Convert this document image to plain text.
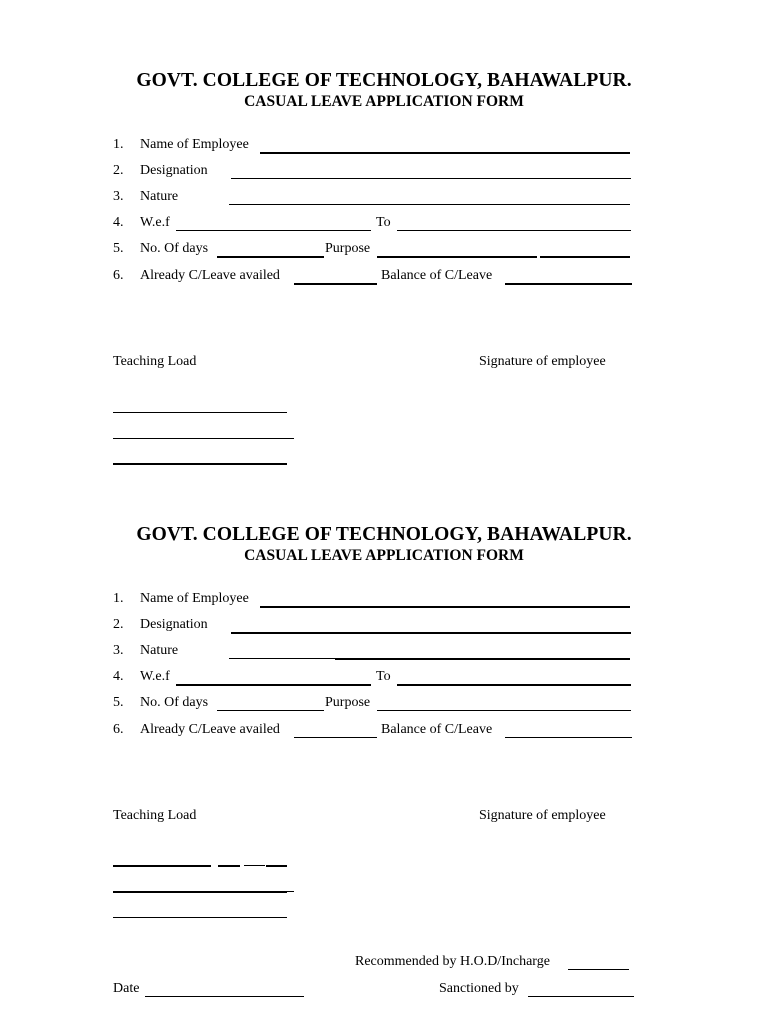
GOVT. COLLEGE OF TECHNOLOGY, BAHAWALPUR.
CASUAL LEAVE APPLICATION FORM
1. Name of Employee
2. Designation
3. Nature
4. W.e.f	To
5. No. Of days	Purpose
6. Already C/Leave availed	Balance of C/Leave
Teaching Load	Signature of employee
GOVT. COLLEGE OF TECHNOLOGY, BAHAWALPUR.
CASUAL LEAVE APPLICATION FORM
1. Name of Employee
2. Designation
3. Nature
4. W.e.f	To
5. No. Of days	Purpose
6. Already C/Leave availed	Balance of C/Leave
Teaching Load	Signature of employee
Recommended by H.O.D/Incharge
Date	Sanctioned by
